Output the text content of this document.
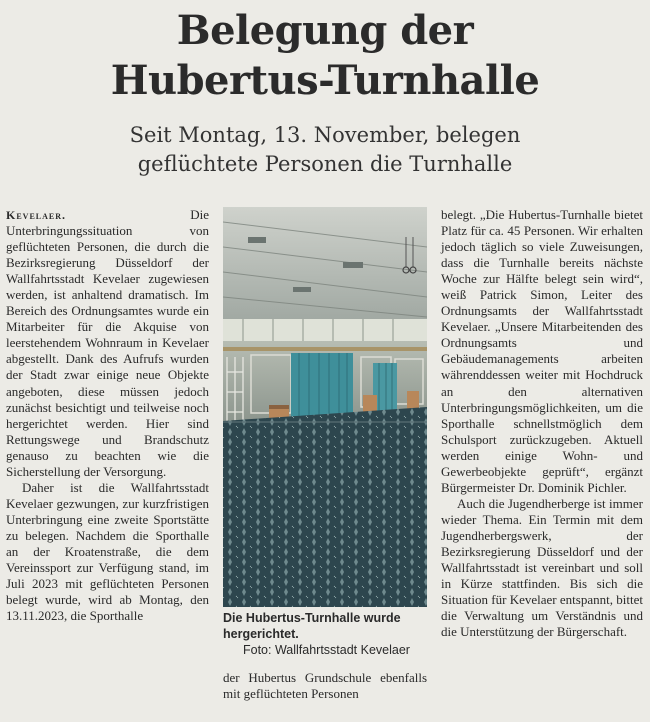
Belegung der
Hubertus-Turnhalle
Seit Montag, 13. November, belegen
geflüchtete Personen die Turnhalle

Kevelaer.	Die Unterbringungssituation von geflüchteten Personen, die durch die Bezirksregierung Düsseldorf der Wallfahrtsstadt Kevelaer zugewiesen werden, ist anhaltend dramatisch. Im Bereich des Ordnungsamtes wurde ein Mitarbeiter für die Akquise von leerstehendem Wohnraum in Kevelaer abgestellt. Dank des Aufrufs wurden der Stadt zwar einige neue Objekte angeboten, diese müssen jedoch zunächst besichtigt und teilweise noch hergerichtet werden. Hier sind Rettungswege und Brandschutz genauso zu beachten wie die Sicherstellung der Versorgung.

Daher ist die Wallfahrtsstadt Kevelaer gezwungen, zur kurzfristigen Unterbringung eine zweite Sportstätte zu belegen. Nachdem die Sporthalle an der Kroatenstraße, die dem Vereinssport zur Verfügung stand, im Juli 2023 mit geflüchteten Personen belegt wurde, wird ab Montag, den 13.11.2023, die Sporthalle	Die Hubertus-Turnhalle wurde hergerichtet.
Foto: Wallfahrtsstadt Kevelaer
der Hubertus Grundschule ebenfalls mit geflüchteten Personen

belegt. „Die Hubertus-Turnhalle bietet Platz für ca. 45 Personen. Wir erhalten jedoch täglich so viele Zuweisungen, dass die Turnhalle bereits nächste Woche zur Hälfte belegt sein wird“, weiß Patrick Simon, Leiter des Ordnungsamts der Wallfahrtsstadt Kevelaer. „Unsere Mitarbeitenden des Ordnungsamts und Gebäudemanagements arbeiten währenddessen weiter mit Hochdruck an den alternativen Unterbringungsmöglichkeiten, um die Sporthalle schnellstmöglich dem Schulsport zurückzugeben. Aktuell werden einige Wohn- und Gewerbeobjekte geprüft“, ergänzt Bürgermeister Dr. Dominik Pichler.

Auch die Jugendherberge ist immer wieder Thema. Ein Termin mit dem Jugendherbergswerk, der Bezirksregierung Düsseldorf und der Wallfahrtsstadt ist vereinbart und soll in Kürze stattfinden. Bis sich die Situation für Kevelaer entspannt, bittet die Verwaltung um Verständnis und die Unterstützung der Bürgerschaft.
